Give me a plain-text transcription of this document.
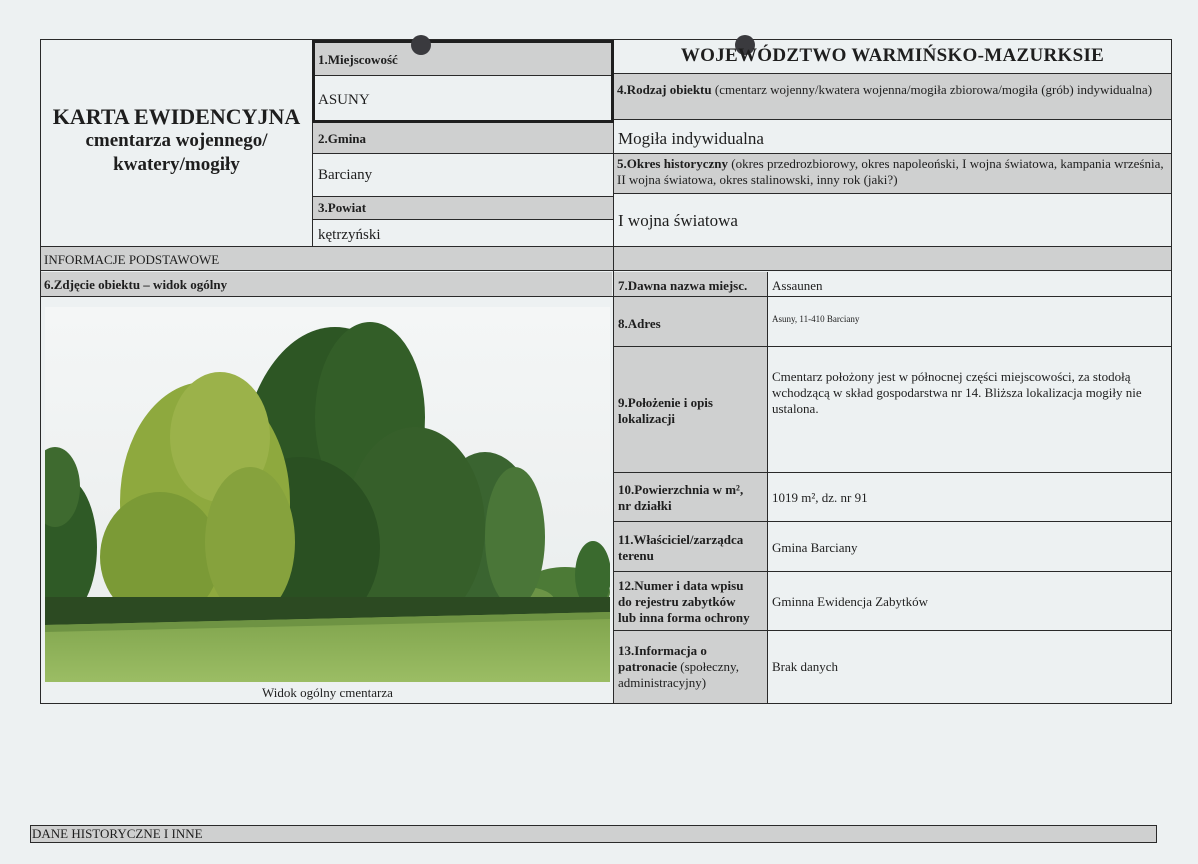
KARTA EWIDENCYJNA
cmentarza wojennego/
kwatery/mogiły
1.Miejscowość
ASUNY
2.Gmina
Barciany
3.Powiat
kętrzyński
WOJEWÓDZTWO WARMIŃSKO-MAZURKSIE
4.Rodzaj obiektu (cmentarz wojenny/kwatera wojenna/mogiła zbiorowa/mogiła (grób) indywidualna)
Mogiła indywidualna
5.Okres historyczny (okres przedrozbiorowy, okres napoleoński, I wojna światowa, kampania września, II wojna światowa, okres stalinowski, inny rok (jaki?)
I wojna światowa
INFORMACJE PODSTAWOWE
6.Zdjęcie obiektu – widok ogólny
Widok ogólny cmentarza
7.Dawna nazwa miejsc. Assaunen
8.Adres	Asuny, 11-410 Barciany
9.Położenie i opis
lokalizacji
Cmentarz położony jest w północnej części miejscowości, za stodołą wchodzącą w skład gospodarstwa nr 14. Bliższa lokalizacja mogiły nie ustalona.
10.Powierzchnia w m²,
nr działki
1019 m², dz. nr 91
11.Właściciel/zarządca
terenu
Gmina Barciany
12.Numer i data wpisu
do rejestru zabytków
lub inna forma ochrony
Gminna Ewidencja Zabytków
13.Informacja o
patronacie (społeczny,
administracyjny)
Brak danych
DANE HISTORYCZNE I INNE
